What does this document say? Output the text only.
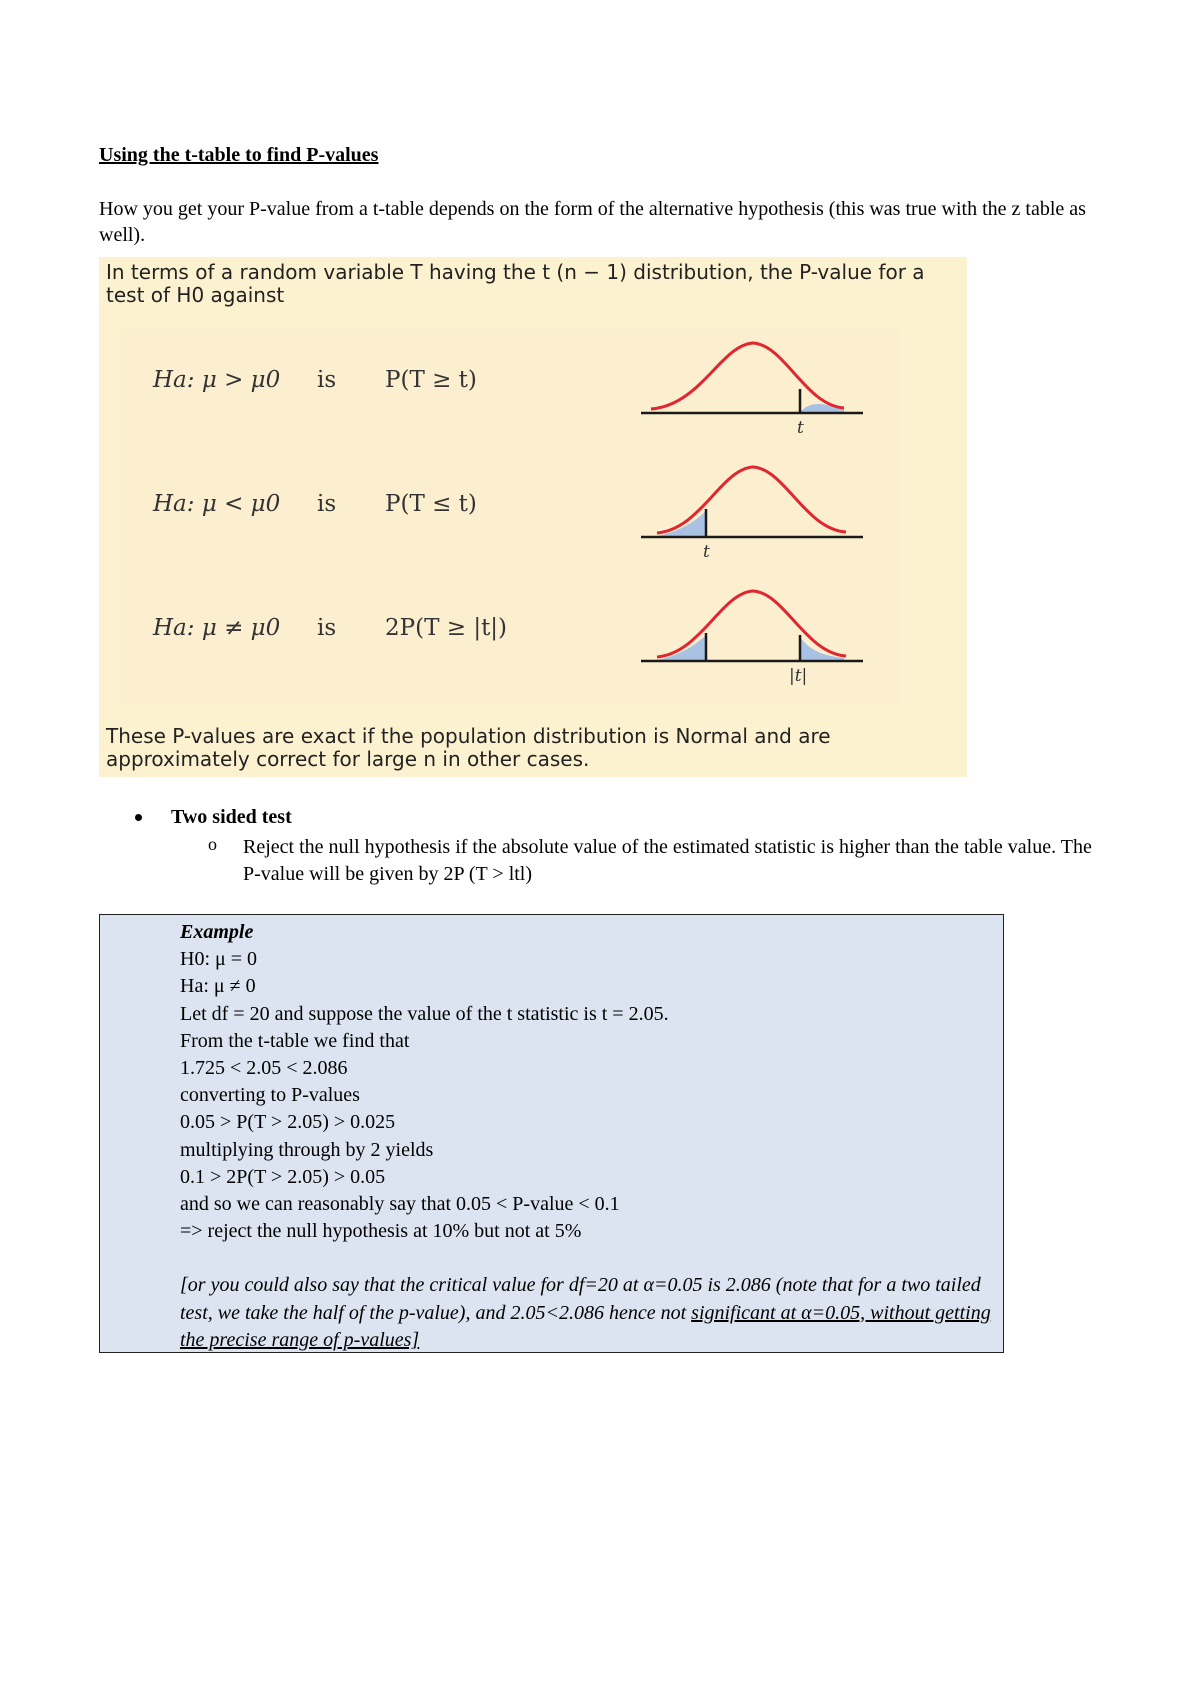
Using the t-table to find P-values
How you get your P-value from a t-table depends on the form of the alternative hypothesis (this was true with the z table as well).
In terms of a random variable T having the t (n − 1) distribution, the P-value for a test of H0 against
Ha: μ > μ0 is P(T ≥ t)
t
Ha: μ < μ0 is P(T ≤ t)
t
Ha: μ ≠ μ0 is 2P(T ≥ |t|)
|t|
These P-values are exact if the population distribution is Normal and are approximately correct for large n in other cases.
Two sided test
o Reject the null hypothesis if the absolute value of the estimated statistic is higher than the table value. The P-value will be given by 2P (T > ltl)
Example
H0: μ = 0
Ha: μ ≠ 0
Let df = 20 and suppose the value of the t statistic is t = 2.05.
From the t-table we find that
1.725 < 2.05 < 2.086
converting to P-values
0.05 > P(T > 2.05) > 0.025
multiplying through by 2 yields
0.1 > 2P(T > 2.05) > 0.05
and so we can reasonably say that 0.05 < P-value < 0.1
=> reject the null hypothesis at 10% but not at 5%
[or you could also say that the critical value for df=20 at α=0.05 is 2.086 (note that for a two tailed test, we take the half of the p-value), and 2.05<2.086 hence not significant at α=0.05, without getting the precise range of p-values]
